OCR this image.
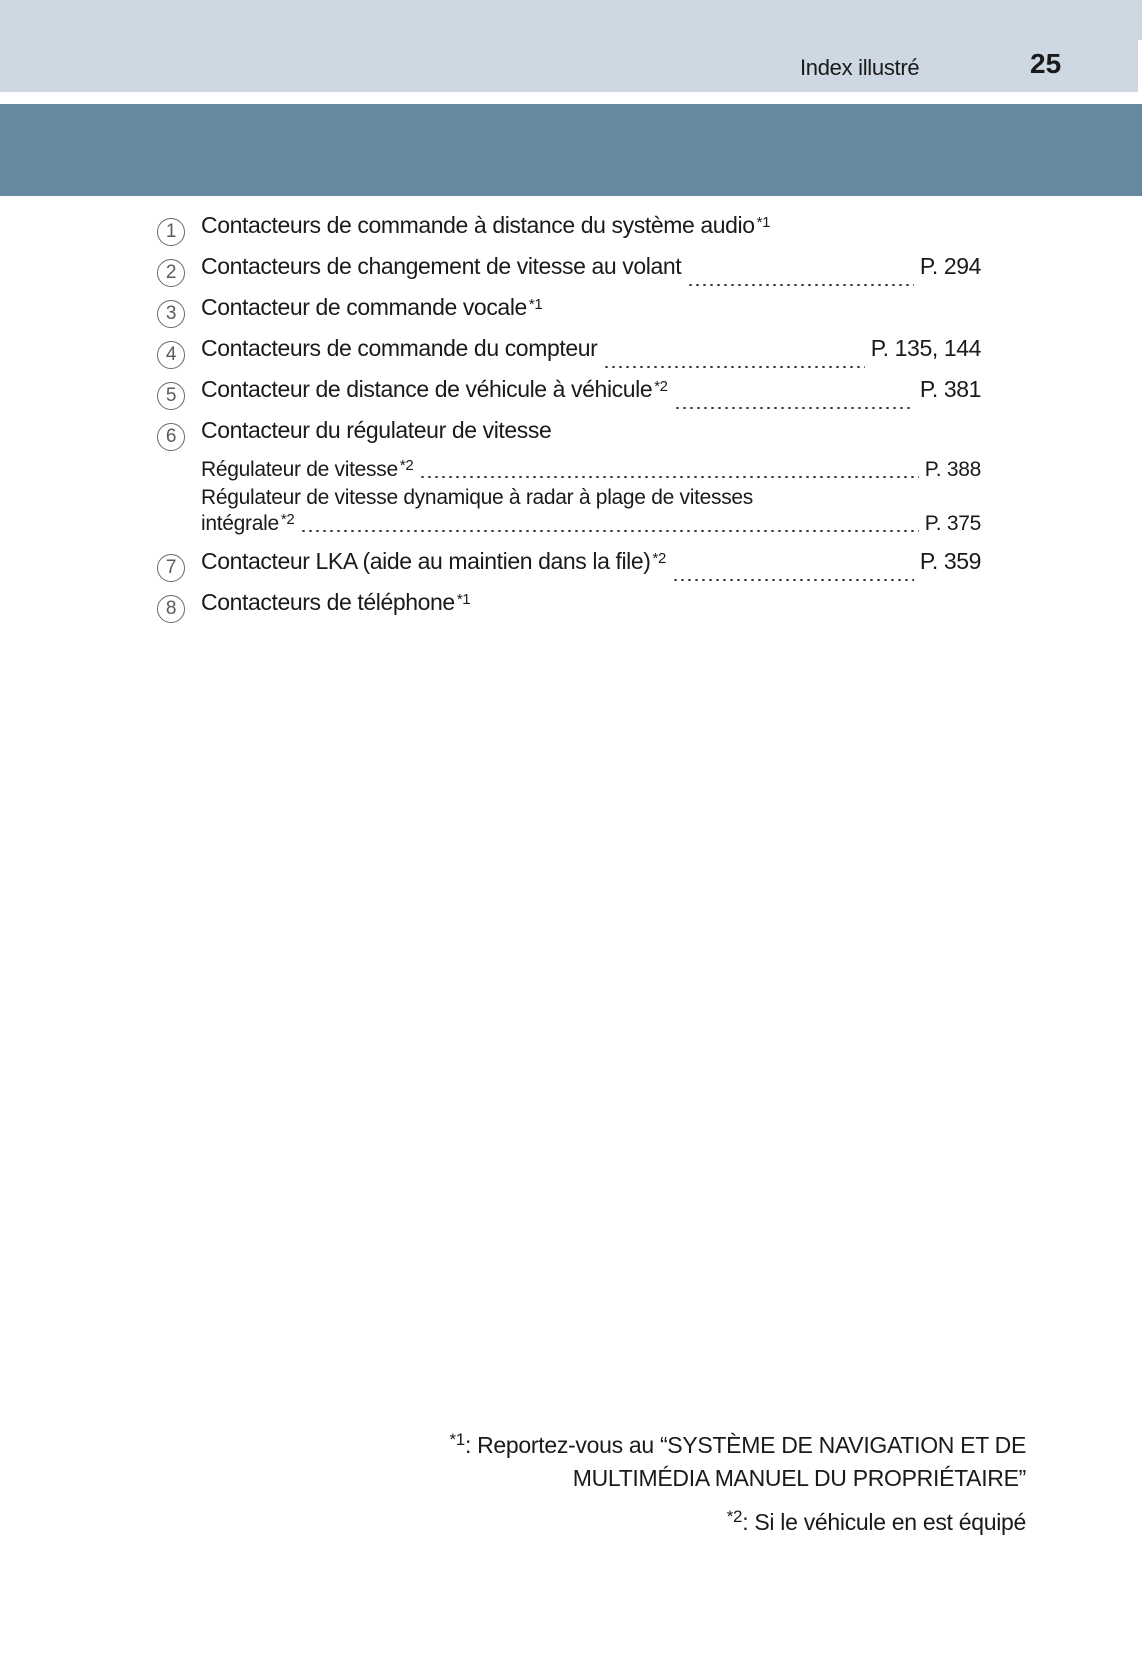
Index illustré	25
1	Contacteurs de commande à distance du système audio $^{*1}$
2	Contacteurs de changement de vitesse au volant	P. 294
3	Contacteur de commande vocale $^{*1}$
4	Contacteurs de commande du compteur	P. 135, 144
5	Contacteur de distance de véhicule à véhicule $^{*2}$	P. 381
6	Contacteur du régulateur de vitesse
Régulateur de vitesse $^{*2}$	P. 388
Régulateur de vitesse dynamique à radar à plage de vitesses
intégrale $^{*2}$	P. 375
7	Contacteur LKA (aide au maintien dans la file) $^{*2}$	P. 359
8	Contacteurs de téléphone $^{*1}$
$^{*1}$: Reportez-vous au “SYSTÈME DE NAVIGATION ET DE
MULTIMÉDIA MANUEL DU PROPRIÉTAIRE”
$^{*2}$: Si le véhicule en est équipé
